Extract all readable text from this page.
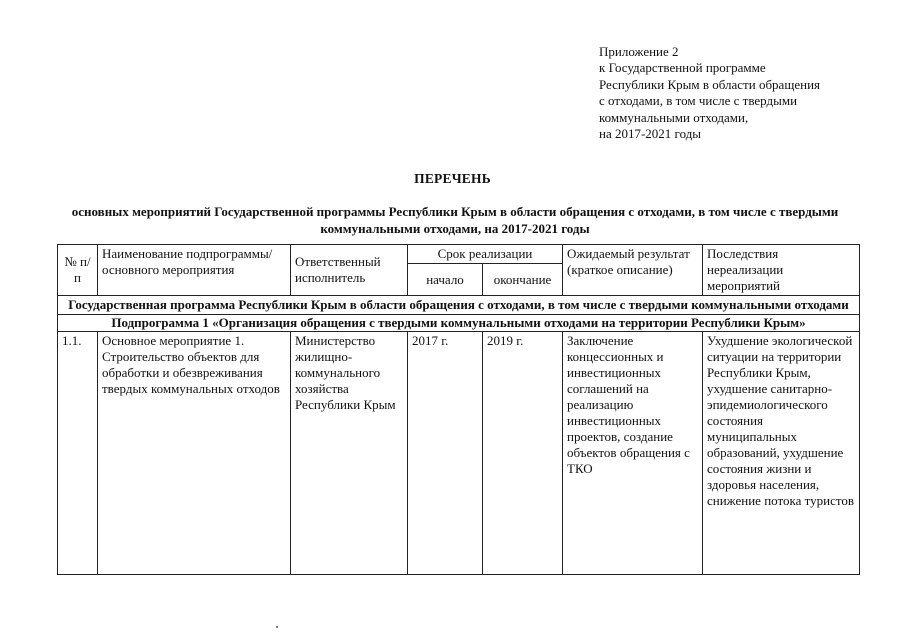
Приложение 2
к Государственной программе
Республики Крым в области обращения
с отходами, в том числе с твердыми
коммунальными отходами,
на 2017-2021 годы
ПЕРЕЧЕНЬ
основных мероприятий Государственной программы Республики Крым в области обращения с отходами, в том числе с твердыми коммунальными отходами, на 2017-2021 годы
№ п/п	Наименование подпрограммы/ основного мероприятия	Ответственный исполнитель	Срок реализации		Ожидаемый результат (краткое описание)	Последствия нереализации мероприятий
			начало	окончание		
Государственная программа Республики Крым в области обращения с отходами, в том числе с твердыми коммунальными отходами						
Подпрограмма 1 «Организация обращения с твердыми коммунальными отходами на территории Республики Крым»						
1.1.	Основное мероприятие 1. Строительство объектов для обработки и обезвреживания твердых коммунальных отходов	Министерство жилищно-коммунального хозяйства Республики Крым	2017 г.	2019 г.	Заключение концессионных и инвестиционных соглашений на реализацию инвестиционных проектов, создание объектов обращения с ТКО	Ухудшение экологической ситуации на территории Республики Крым, ухудшение санитарно-эпидемиологического состояния муниципальных образований, ухудшение состояния жизни и здоровья населения, снижение потока туристов
